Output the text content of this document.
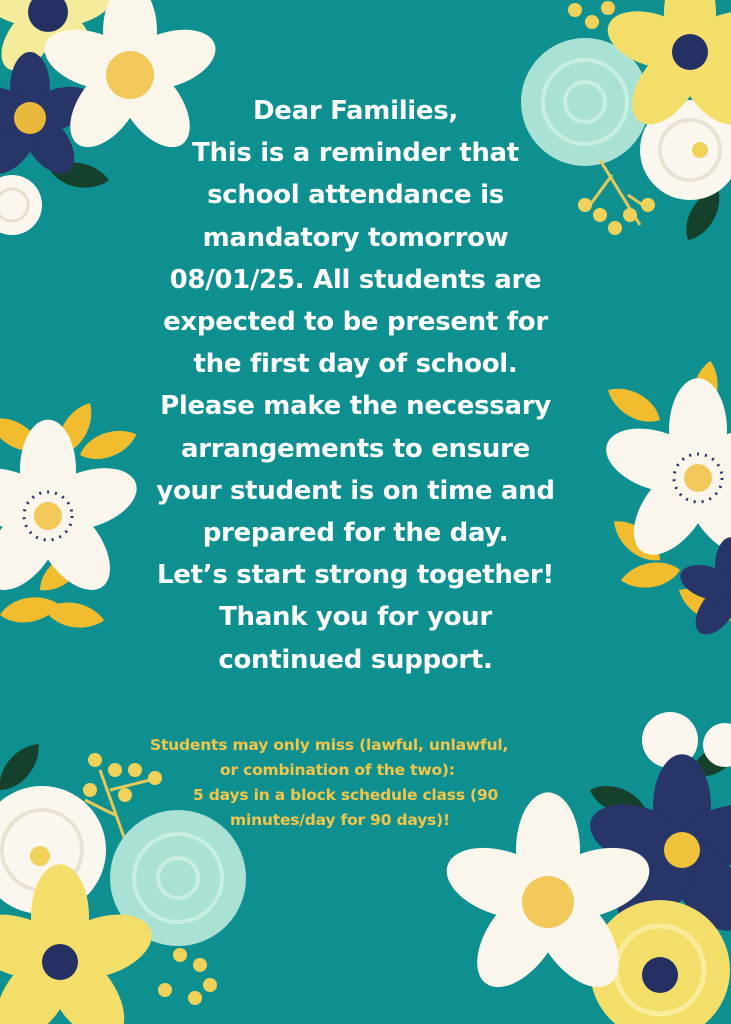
Dear Families,
This is a reminder that
school attendance is
mandatory tomorrow
08/01/25. All students are
expected to be present for
the first day of school.
Please make the necessary
arrangements to ensure
your student is on time and
prepared for the day.
Let’s start strong together!
Thank you for your
continued support.
Students may only miss (lawful, unlawful,
or combination of the two):
5 days in a block schedule class (90
minutes/day for 90 days)!
